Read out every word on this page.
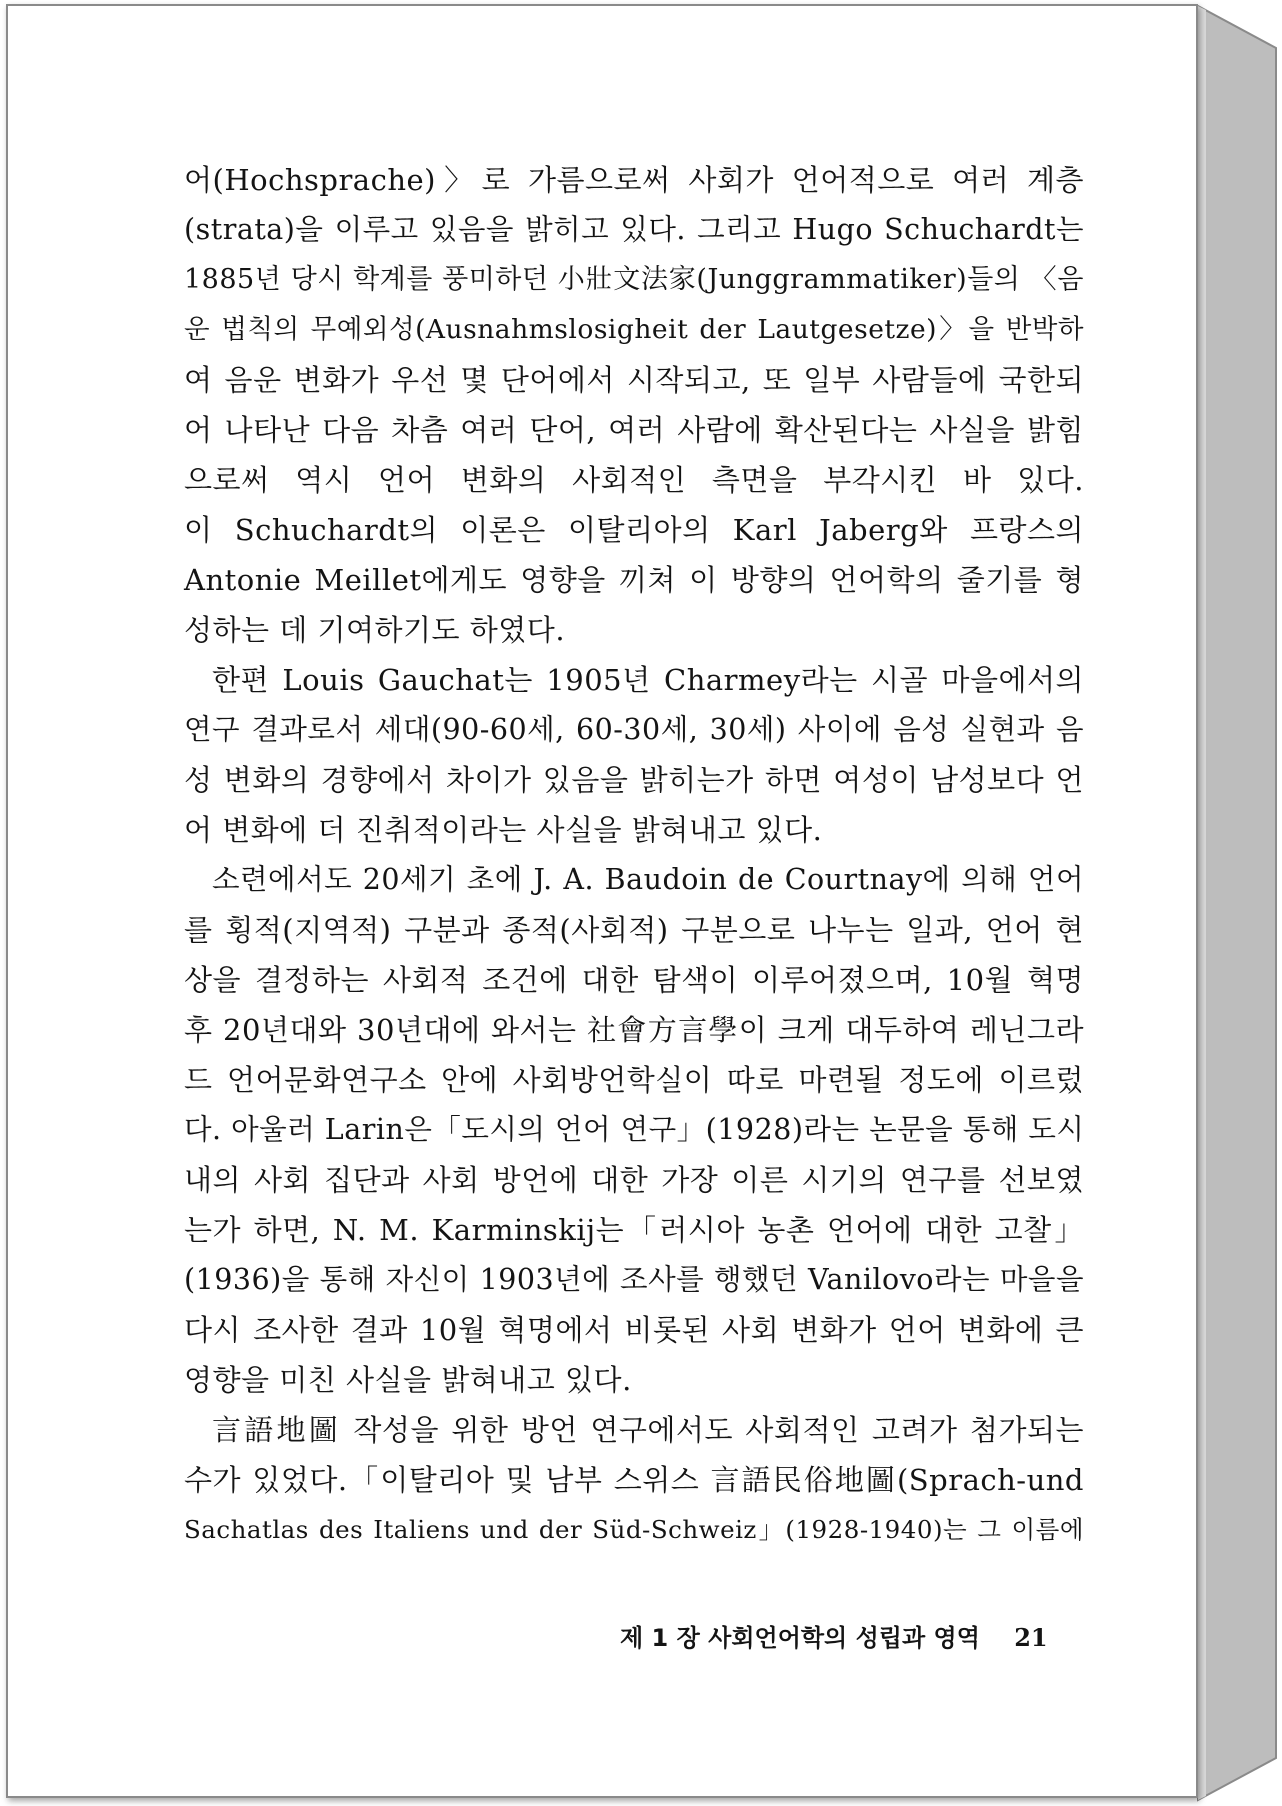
어(Hochsprache)〉로 가름으로써 사회가 언어적으로 여러 계층
(strata)을 이루고 있음을 밝히고 있다. 그리고 Hugo Schuchardt는
1885년 당시 학계를 풍미하던 小壯文法家(Junggrammatiker)들의 〈음
운 법칙의 무예외성(Ausnahmslosigheit der Lautgesetze)〉을 반박하
여 음운 변화가 우선 몇 단어에서 시작되고, 또 일부 사람들에 국한되
어 나타난 다음 차츰 여러 단어, 여러 사람에 확산된다는 사실을 밝힘
으로써 역시 언어 변화의 사회적인 측면을 부각시킨 바 있다.
이 Schuchardt의 이론은 이탈리아의 Karl Jaberg와 프랑스의
Antonie Meillet에게도 영향을 끼쳐 이 방향의 언어학의 줄기를 형
성하는 데 기여하기도 하였다.
한편 Louis Gauchat는 1905년 Charmey라는 시골 마을에서의
연구 결과로서 세대(90-60세, 60-30세, 30세) 사이에 음성 실현과 음
성 변화의 경향에서 차이가 있음을 밝히는가 하면 여성이 남성보다 언
어 변화에 더 진취적이라는 사실을 밝혀내고 있다.
소련에서도 20세기 초에 J. A. Baudoin de Courtnay에 의해 언어
를 횡적(지역적) 구분과 종적(사회적) 구분으로 나누는 일과, 언어 현
상을 결정하는 사회적 조건에 대한 탐색이 이루어졌으며, 10월 혁명
후 20년대와 30년대에 와서는 社會方言學이 크게 대두하여 레닌그라
드 언어문화연구소 안에 사회방언학실이 따로 마련될 정도에 이르렀
다. 아울러 Larin은「도시의 언어 연구」(1928)라는 논문을 통해 도시
내의 사회 집단과 사회 방언에 대한 가장 이른 시기의 연구를 선보였
는가 하면, N. M. Karminskij는「러시아 농촌 언어에 대한 고찰」
(1936)을 통해 자신이 1903년에 조사를 행했던 Vanilovo라는 마을을
다시 조사한 결과 10월 혁명에서 비롯된 사회 변화가 언어 변화에 큰
영향을 미친 사실을 밝혀내고 있다.
言語地圖 작성을 위한 방언 연구에서도 사회적인 고려가 첨가되는
수가 있었다.「이탈리아 및 남부 스위스 言語民俗地圖(Sprach-und
Sachatlas des Italiens und der Süd-Schweiz」(1928-1940)는 그 이름에
제 1 장 사회언어학의 성립과 영역 21
